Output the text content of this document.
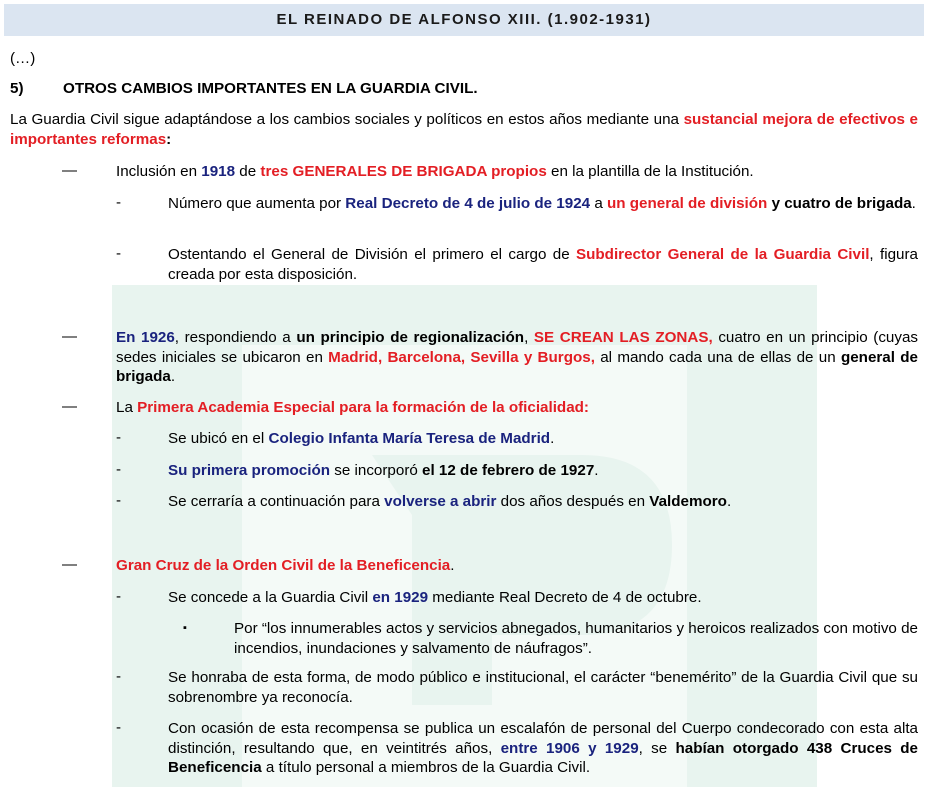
EL REINADO DE ALFONSO XIII. (1.902-1931)
(…)
5)	OTROS CAMBIOS IMPORTANTES EN LA GUARDIA CIVIL.
La Guardia Civil sigue adaptándose a los cambios sociales y políticos en estos años mediante una sustancial mejora de efectivos e importantes reformas:
—	Inclusión en 1918 de tres GENERALES DE BRIGADA propios en la plantilla de la Institución.
-	Número que aumenta por Real Decreto de 4 de julio de 1924 a un general de división y cuatro de brigada.
-	Ostentando el General de División el primero el cargo de Subdirector General de la Guardia Civil, figura creada por esta disposición.
—	En 1926, respondiendo a un principio de regionalización, SE CREAN LAS ZONAS, cuatro en un principio (cuyas sedes iniciales se ubicaron en Madrid, Barcelona, Sevilla y Burgos, al mando cada una de ellas de un general de brigada.
—	La Primera Academia Especial para la formación de la oficialidad:
-	Se ubicó en el Colegio Infanta María Teresa de Madrid.
-	Su primera promoción se incorporó el 12 de febrero de 1927.
-	Se cerraría a continuación para volverse a abrir dos años después en Valdemoro.
—	Gran Cruz de la Orden Civil de la Beneficencia.
-	Se concede a la Guardia Civil en 1929 mediante Real Decreto de 4 de octubre.
▪	Por “los innumerables actos y servicios abnegados, humanitarios y heroicos realizados con motivo de incendios, inundaciones y salvamento de náufragos”.
-	Se honraba de esta forma, de modo público e institucional, el carácter “benemérito” de la Guardia Civil que su sobrenombre ya reconocía.
-	Con ocasión de esta recompensa se publica un escalafón de personal del Cuerpo condecorado con esta alta distinción, resultando que, en veintitrés años, entre 1906 y 1929, se habían otorgado 438 Cruces de Beneficencia a título personal a miembros de la Guardia Civil.
